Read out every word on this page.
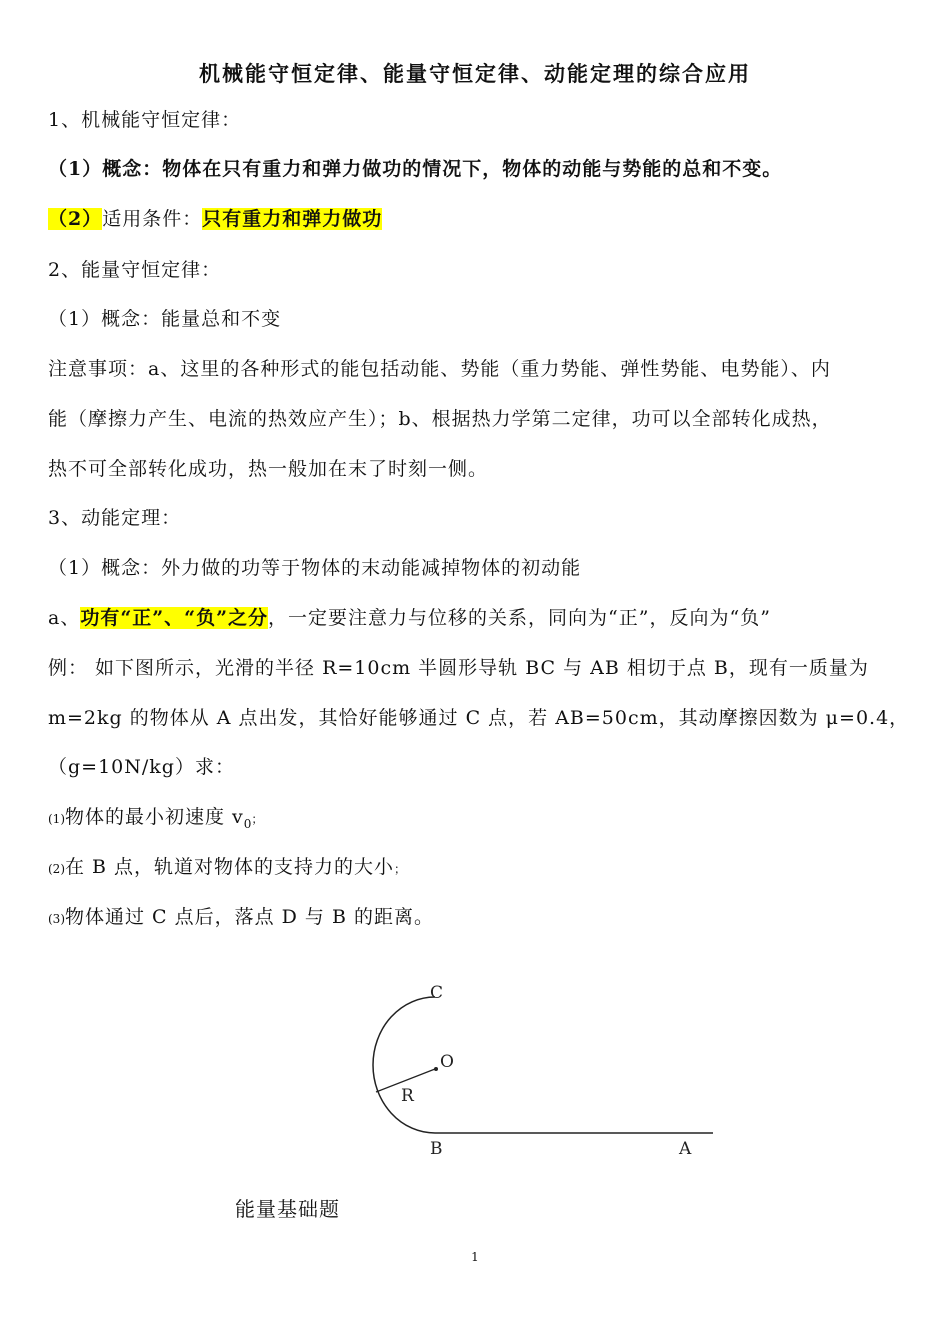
机械能守恒定律、能量守恒定律、动能定理的综合应用
1、机械能守恒定律：
（1）概念：物体在只有重力和弹力做功的情况下，物体的动能与势能的总和不变。
（2）适用条件：只有重力和弹力做功
2、能量守恒定律：
（1）概念：能量总和不变
注意事项：a、这里的各种形式的能包括动能、势能（重力势能、弹性势能、电势能）、内
能（摩擦力产生、电流的热效应产生）；b、根据热力学第二定律，功可以全部转化成热，
热不可全部转化成功，热一般加在末了时刻一侧。
3、动能定理：
（1）概念：外力做的功等于物体的末动能减掉物体的初动能
a、功有“正”、“负”之分，一定要注意力与位移的关系，同向为“正”，反向为“负”
例： 如下图所示，光滑的半径 R=10cm 半圆形导轨 BC 与 AB 相切于点 B，现有一质量为
m=2kg 的物体从 A 点出发，其恰好能够通过 C 点，若 AB=50cm，其动摩擦因数为 μ=0.4，
（g=10N/kg）求：
(1)物体的最小初速度 $v_0$；
(2)在 B 点，轨道对物体的支持力的大小；
(3)物体通过 C 点后，落点 D 与 B 的距离。
C
O
R
B	A
能量基础题
1
